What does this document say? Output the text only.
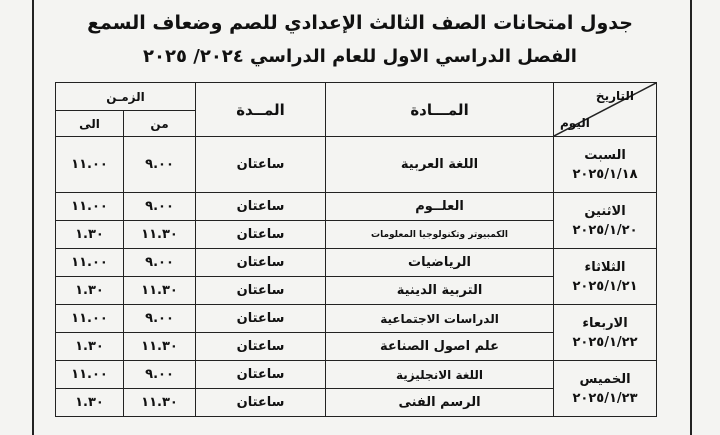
جدول امتحانات الصف الثالث الإعدادي للصم وضعاف السمع
الفصل الدراسي الاول للعام الدراسي ٢٠٢٤/ ٢٠٢٥
التاريخ
اليوم	المـــادة	المــدة	الزمـن	
			من	الى

السبت
٢٠٢٥/١/١٨	اللغة العربية	ساعتان	٩.٠٠	١١.٠٠

الاثنين
٢٠٢٥/١/٢٠	العلــوم	ساعتان	٩.٠٠	١١.٠٠
	الكمبيوتر وتكنولوجيا المعلومات	ساعتان	١١.٣٠	١.٣٠

الثلاثاء
٢٠٢٥/١/٢١	الرياضيات	ساعتان	٩.٠٠	١١.٠٠
	التربية الدينية	ساعتان	١١.٣٠	١.٣٠

الاربعاء
٢٠٢٥/١/٢٢	الدراسات الاجتماعية	ساعتان	٩.٠٠	١١.٠٠
	علم اصول الصناعة	ساعتان	١١.٣٠	١.٣٠

الخميس
٢٠٢٥/١/٢٣	اللغة الانجليزية	ساعتان	٩.٠٠	١١.٠٠
	الرسم الفنى	ساعتان	١١.٣٠	١.٣٠
